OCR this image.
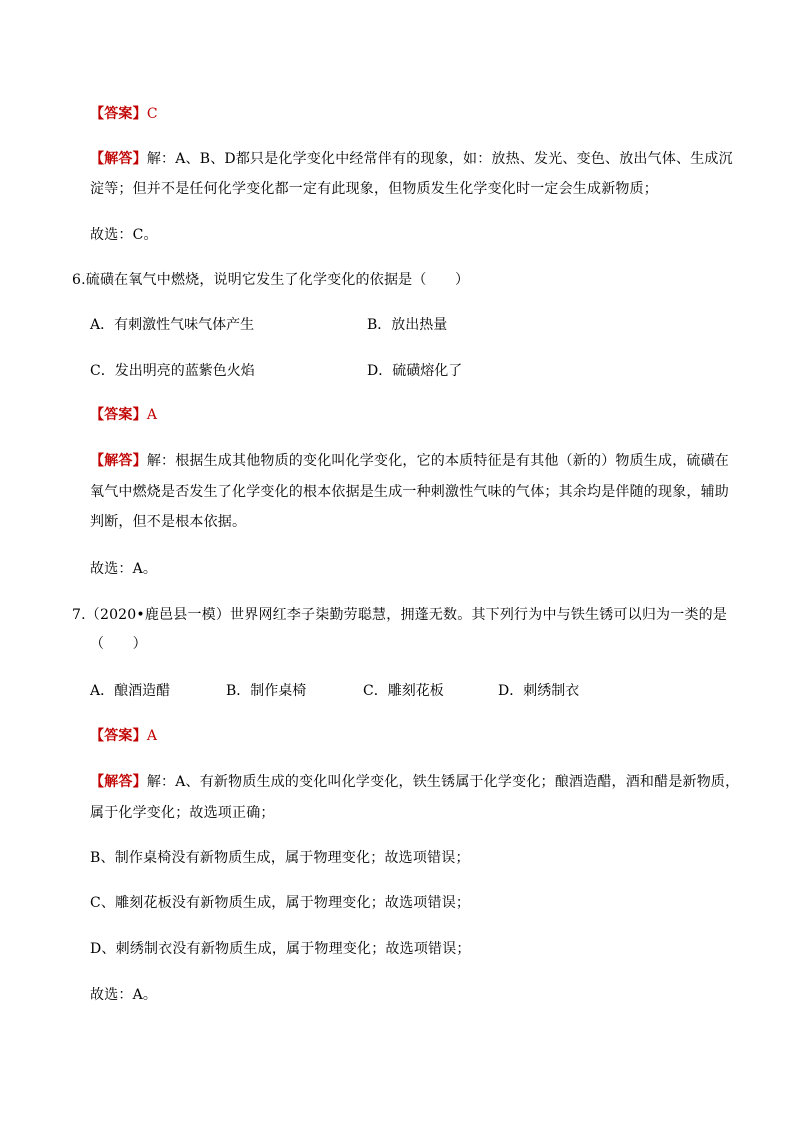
【答案】C
【解答】解：A、B、D都只是化学变化中经常伴有的现象，如：放热、发光、变色、放出气体、生成沉
淀等；但并不是任何化学变化都一定有此现象，但物质发生化学变化时一定会生成新物质；
故选：C。
6.硫磺在氧气中燃烧，说明它发生了化学变化的依据是（　　）
A．有刺激性气味气体产生	B．放出热量
C．发出明亮的蓝紫色火焰	D．硫磺熔化了
【答案】A
【解答】解：根据生成其他物质的变化叫化学变化，它的本质特征是有其他（新的）物质生成，硫磺在
氧气中燃烧是否发生了化学变化的根本依据是生成一种刺激性气味的气体；其余均是伴随的现象，辅助
判断，但不是根本依据。
故选：A。
7.（2020•鹿邑县一模）世界网红李子柒勤劳聪慧，拥蓬无数。其下列行为中与铁生锈可以归为一类的是
（　　）
A．酿酒造醋	B．制作桌椅	C．雕刻花板	D．刺绣制衣
【答案】A
【解答】解：A、有新物质生成的变化叫化学变化，铁生锈属于化学变化；酿酒造醋，酒和醋是新物质，
属于化学变化；故选项正确；
B、制作桌椅没有新物质生成，属于物理变化；故选项错误；
C、雕刻花板没有新物质生成，属于物理变化；故选项错误；
D、刺绣制衣没有新物质生成，属于物理变化；故选项错误；
故选：A。
